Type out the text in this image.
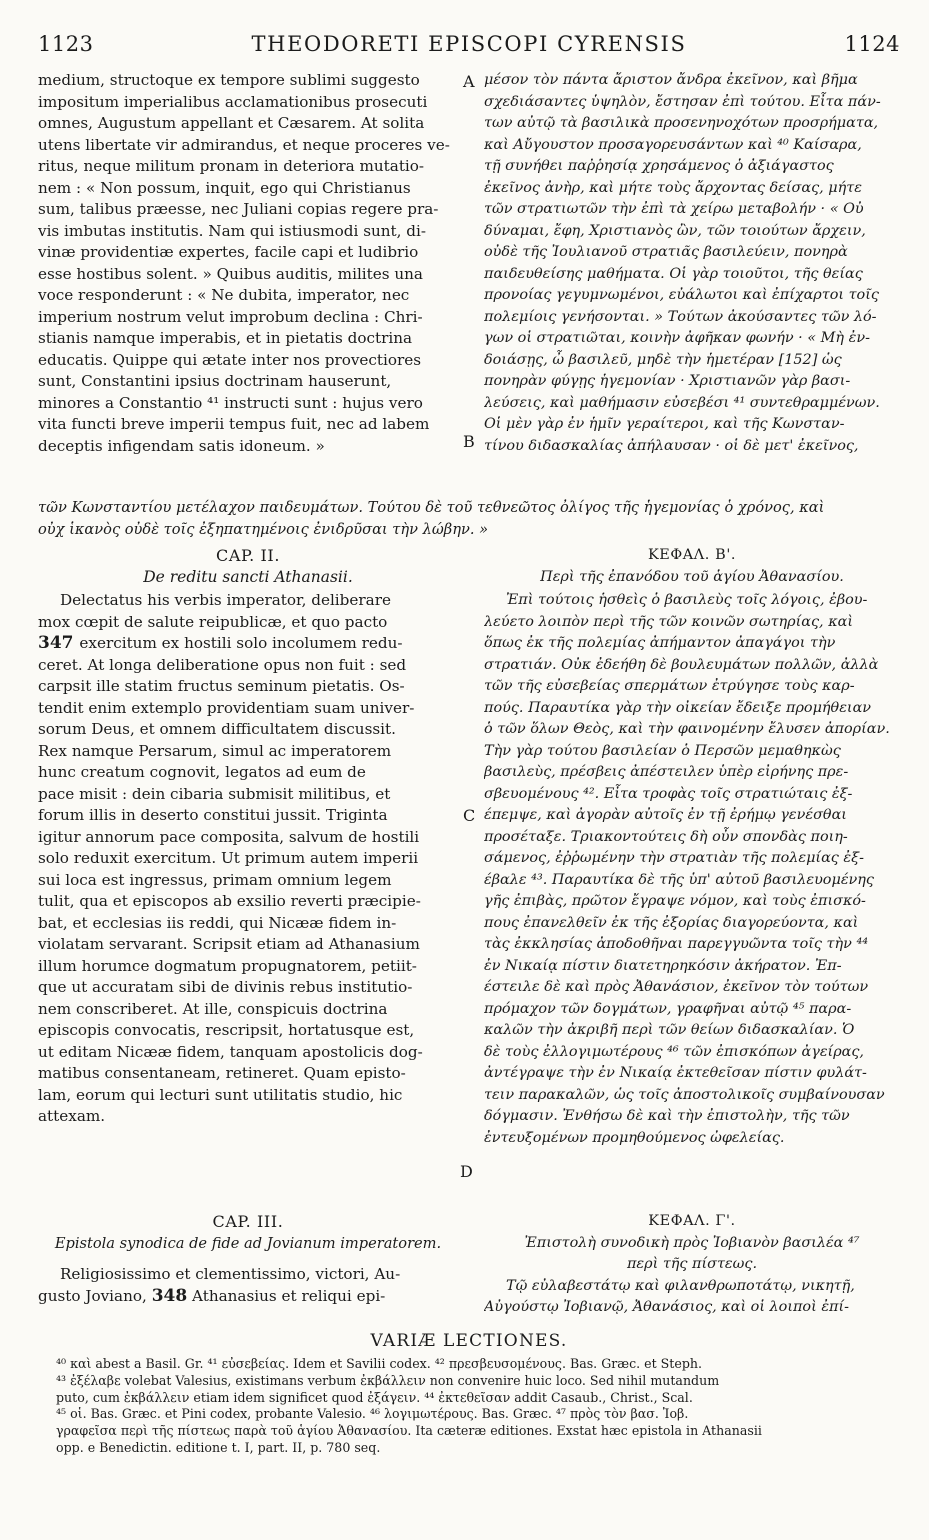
1123	THEODORETI EPISCOPI CYRENSIS	1124
medium, structoque ex tempore sublimi suggesto
impositum imperialibus acclamationibus prosecuti
omnes, Augustum appellant et Cæsarem. At solita
utens libertate vir admirandus, et neque proceres ve-
ritus, neque militum pronam in deteriora mutatio-
nem : « Non possum, inquit, ego qui Christianus
sum, talibus præesse, nec Juliani copias regere pra-
vis imbutas institutis. Nam qui istiusmodi sunt, di-
vinæ providentiæ expertes, facile capi et ludibrio
esse hostibus solent. » Quibus auditis, milites una
voce responderunt : « Ne dubita, imperator, nec
imperium nostrum velut improbum declina : Chri-
stianis namque imperabis, et in pietatis doctrina
educatis. Quippe qui ætate inter nos provectiores
sunt, Constantini ipsius doctrinam hauserunt,
minores a Constantio ⁴¹ instructi sunt : hujus vero
vita functi breve imperii tempus fuit, nec ad labem
deceptis infigendam satis idoneum. »
μέσον τὸν πάντα ἄριστον ἄνδρα ἐκεῖνον, καὶ βῆμα
σχεδιάσαντες ὑψηλὸν, ἔστησαν ἐπὶ τούτου. Εἶτα πάν-
των αὐτῷ τὰ βασιλικὰ προσενηνοχότων προσρήματα,
καὶ Αὔγουστον προσαγορευσάντων καὶ ⁴⁰ Καίσαρα,
τῇ συνήθει παῤῥησίᾳ χρησάμενος ὁ ἀξιάγαστος
ἐκεῖνος ἀνὴρ, καὶ μήτε τοὺς ἄρχοντας δείσας, μήτε
τῶν στρατιωτῶν τὴν ἐπὶ τὰ χείρω μεταβολήν · « Οὐ
δύναμαι, ἔφη, Χριστιανὸς ὢν, τῶν τοιούτων ἄρχειν,
οὐδὲ τῆς Ἰουλιανοῦ στρατιᾶς βασιλεύειν, πονηρὰ
παιδευθείσης μαθήματα. Οἱ γὰρ τοιοῦτοι, τῆς θείας
προνοίας γεγυμνωμένοι, εὐάλωτοι καὶ ἐπίχαρτοι τοῖς
πολεμίοις γενήσονται. » Τούτων ἀκούσαντες τῶν λό-
γων οἱ στρατιῶται, κοινὴν ἀφῆκαν φωνήν · « Μὴ ἐν-
δοιάσῃς, ὦ βασιλεῦ, μηδὲ τὴν ἡμετέραν [152] ὡς
πονηρὰν φύγῃς ἡγεμονίαν · Χριστιανῶν γὰρ βασι-
λεύσεις, καὶ μαθήμασιν εὐσεβέσι ⁴¹ συντεθραμμένων.
Οἱ μὲν γὰρ ἐν ἡμῖν γεραίτεροι, καὶ τῆς Κωνσταν-
τίνου διδασκαλίας ἀπήλαυσαν · οἱ δὲ μετ' ἐκεῖνος,
τῶν Κωνσταντίου μετέλαχον παιδευμάτων. Τούτου δὲ τοῦ τεθνεῶτος ὀλίγος τῆς ἡγεμονίας ὁ χρόνος, καὶ
οὐχ ἱκανὸς οὐδὲ τοῖς ἐξηπατημένοις ἐνιδρῦσαι τὴν λώβην. »
CAP. II.
De reditu sancti Athanasii.
Delectatus his verbis imperator, deliberare
mox cœpit de salute reipublicæ, et quo pacto
347 exercitum ex hostili solo incolumem redu-
ceret. At longa deliberatione opus non fuit : sed
carpsit ille statim fructus seminum pietatis. Os-
tendit enim extemplo providentiam suam univer-
sorum Deus, et omnem difficultatem discussit.
Rex namque Persarum, simul ac imperatorem
hunc creatum cognovit, legatos ad eum de
pace misit : dein cibaria submisit militibus, et
forum illis in deserto constitui jussit. Triginta
igitur annorum pace composita, salvum de hostili
solo reduxit exercitum. Ut primum autem imperii
sui loca est ingressus, primam omnium legem
tulit, qua et episcopos ab exsilio reverti præcipie-
bat, et ecclesias iis reddi, qui Nicææ fidem in-
violatam servarant. Scripsit etiam ad Athanasium
illum horumce dogmatum propugnatorem, petiit-
que ut accuratam sibi de divinis rebus institutio-
nem conscriberet. At ille, conspicuis doctrina
episcopis convocatis, rescripsit, hortatusque est,
ut editam Nicææ fidem, tanquam apostolicis dog-
matibus consentaneam, retineret. Quam episto-
lam, eorum qui lecturi sunt utilitatis studio, hic
attexam.
ΚΕΦΑΛ. Β'.
Περὶ τῆς ἐπανόδου τοῦ ἁγίου Ἀθανασίου.
Ἐπὶ τούτοις ἡσθεὶς ὁ βασιλεὺς τοῖς λόγοις, ἐβου-
λεύετο λοιπὸν περὶ τῆς τῶν κοινῶν σωτηρίας, καὶ
ὅπως ἐκ τῆς πολεμίας ἀπήμαντον ἀπαγάγοι τὴν
στρατιάν. Οὐκ ἐδεήθη δὲ βουλευμάτων πολλῶν, ἀλλὰ
τῶν τῆς εὐσεβείας σπερμάτων ἐτρύγησε τοὺς καρ-
πούς. Παραυτίκα γὰρ τὴν οἰκείαν ἔδειξε προμήθειαν
ὁ τῶν ὅλων Θεὸς, καὶ τὴν φαινομένην ἔλυσεν ἀπορίαν.
Τὴν γὰρ τούτου βασιλείαν ὁ Περσῶν μεμαθηκὼς
βασιλεὺς, πρέσβεις ἀπέστειλεν ὑπὲρ εἰρήνης πρε-
σβευομένους ⁴². Εἶτα τροφὰς τοῖς στρατιώταις ἐξ-
έπεμψε, καὶ ἀγορὰν αὐτοῖς ἐν τῇ ἐρήμῳ γενέσθαι
προσέταξε. Τριακοντούτεις δὴ οὖν σπονδὰς ποιη-
σάμενος, ἐῤῥωμένην τὴν στρατιὰν τῆς πολεμίας ἐξ-
έβαλε ⁴³. Παραυτίκα δὲ τῆς ὑπ' αὐτοῦ βασιλευομένης
γῆς ἐπιβὰς, πρῶτον ἔγραψε νόμον, καὶ τοὺς ἐπισκό-
πους ἐπανελθεῖν ἐκ τῆς ἐξορίας διαγορεύοντα, καὶ
τὰς ἐκκλησίας ἀποδοθῆναι παρεγγυῶντα τοῖς τὴν ⁴⁴
ἐν Νικαίᾳ πίστιν διατετηρηκόσιν ἀκήρατον. Ἐπ-
έστειλε δὲ καὶ πρὸς Ἀθανάσιον, ἐκεῖνον τὸν τούτων
πρόμαχον τῶν δογμάτων, γραφῆναι αὐτῷ ⁴⁵ παρα-
καλῶν τὴν ἀκριβῆ περὶ τῶν θείων διδασκαλίαν. Ὁ
δὲ τοὺς ἐλλογιμωτέρους ⁴⁶ τῶν ἐπισκόπων ἀγείρας,
ἀντέγραψε τὴν ἐν Νικαίᾳ ἐκτεθεῖσαν πίστιν φυλάτ-
τειν παρακαλῶν, ὡς τοῖς ἀποστολικοῖς συμβαίνουσαν
δόγμασιν. Ἐνθήσω δὲ καὶ τὴν ἐπιστολὴν, τῆς τῶν
ἐντευξομένων προμηθούμενος ὠφελείας.
CAP. III.
Epistola synodica de fide ad Jovianum imperatorem.
Religiosissimo et clementissimo, victori, Au-
gusto Joviano, 348 Athanasius et reliqui epi-
ΚΕΦΑΛ. Γ'.
Ἐπιστολὴ συνοδικὴ πρὸς Ἰοβιανὸν βασιλέα ⁴⁷
περὶ τῆς πίστεως.
Τῷ εὐλαβεστάτῳ καὶ φιλανθρωποτάτῳ, νικητῇ,
Αὐγούστῳ Ἰοβιανῷ, Ἀθανάσιος, καὶ οἱ λοιποὶ ἐπί-
A
B
C
D
VARIÆ LECTIONES.
⁴⁰ καὶ abest a Basil. Gr. ⁴¹ εὐσεβείας. Idem et Savilii codex. ⁴² πρεσβευσομένους. Bas. Græc. et Steph.
⁴³ ἐξέλαβε volebat Valesius, existimans verbum ἐκβάλλειν non convenire huic loco. Sed nihil mutandum
puto, cum ἐκβάλλειν etiam idem significet quod ἐξάγειν. ⁴⁴ ἐκτεθεῖσαν addit Casaub., Christ., Scal.
⁴⁵ οἱ. Bas. Græc. et Pini codex, probante Valesio. ⁴⁶ λογιμωτέρους. Bas. Græc. ⁴⁷ πρὸς τὸν βασ. Ἰοβ.
γραφεῖσα περὶ τῆς πίστεως παρὰ τοῦ ἁγίου Ἀθανασίου. Ita cæteræ editiones. Exstat hæc epistola in Athanasii
opp. e Benedictin. editione t. I, part. II, p. 780 seq.
